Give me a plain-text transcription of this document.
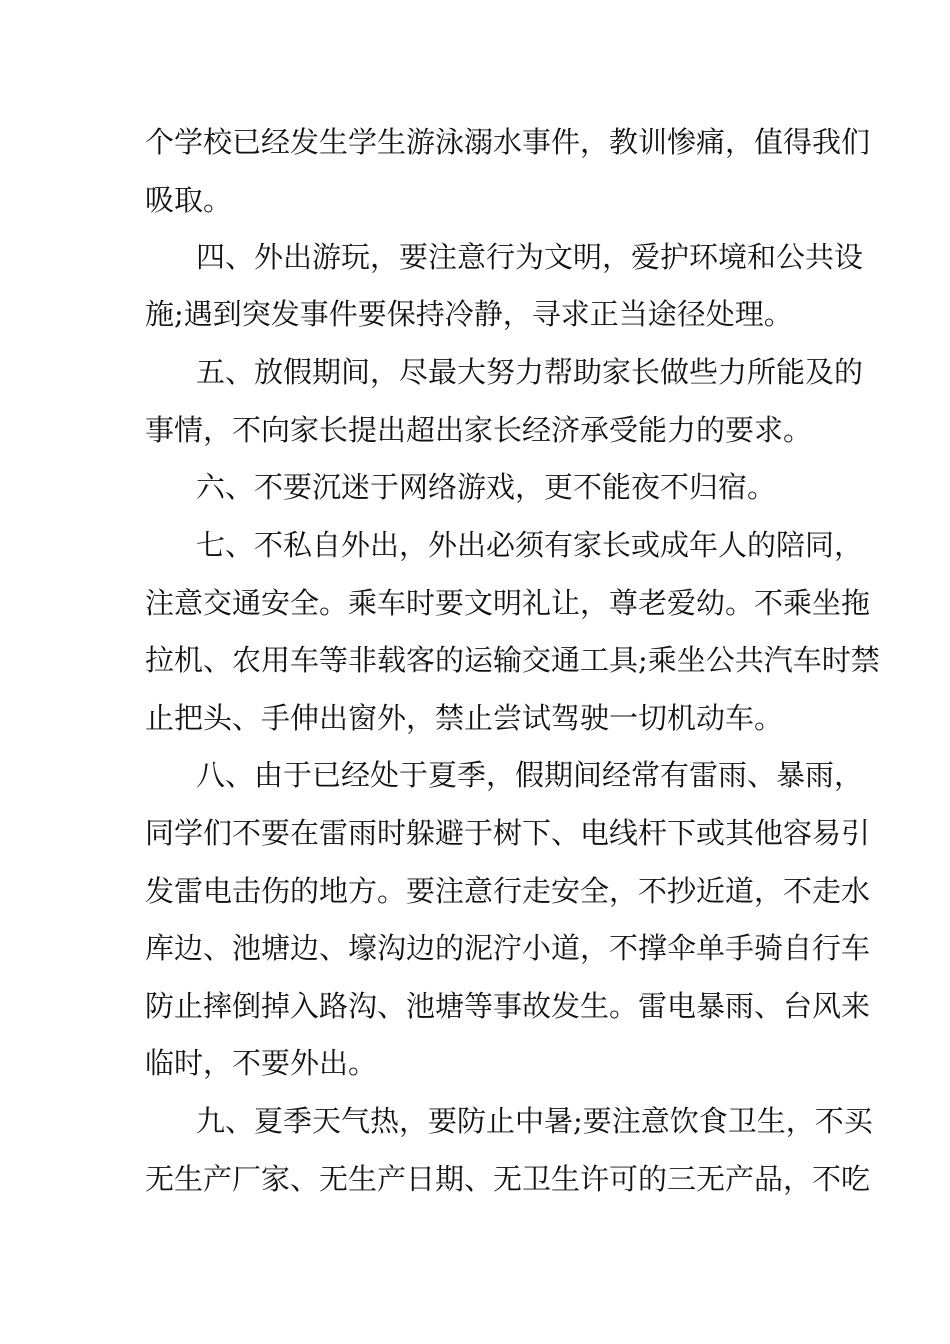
个学校已经发生学生游泳溺水事件，教训惨痛，值得我们
吸取。
四、外出游玩，要注意行为文明，爱护环境和公共设
施;遇到突发事件要保持冷静，寻求正当途径处理。
五、放假期间，尽最大努力帮助家长做些力所能及的
事情，不向家长提出超出家长经济承受能力的要求。
六、不要沉迷于网络游戏，更不能夜不归宿。
七、不私自外出，外出必须有家长或成年人的陪同，
注意交通安全。乘车时要文明礼让，尊老爱幼。不乘坐拖
拉机、农用车等非载客的运输交通工具;乘坐公共汽车时禁
止把头、手伸出窗外，禁止尝试驾驶一切机动车。
八、由于已经处于夏季，假期间经常有雷雨、暴雨，
同学们不要在雷雨时躲避于树下、电线杆下或其他容易引
发雷电击伤的地方。要注意行走安全，不抄近道，不走水
库边、池塘边、壕沟边的泥泞小道，不撑伞单手骑自行车
防止摔倒掉入路沟、池塘等事故发生。雷电暴雨、台风来
临时，不要外出。
九、夏季天气热，要防止中暑;要注意饮食卫生，不买
无生产厂家、无生产日期、无卫生许可的三无产品，不吃
